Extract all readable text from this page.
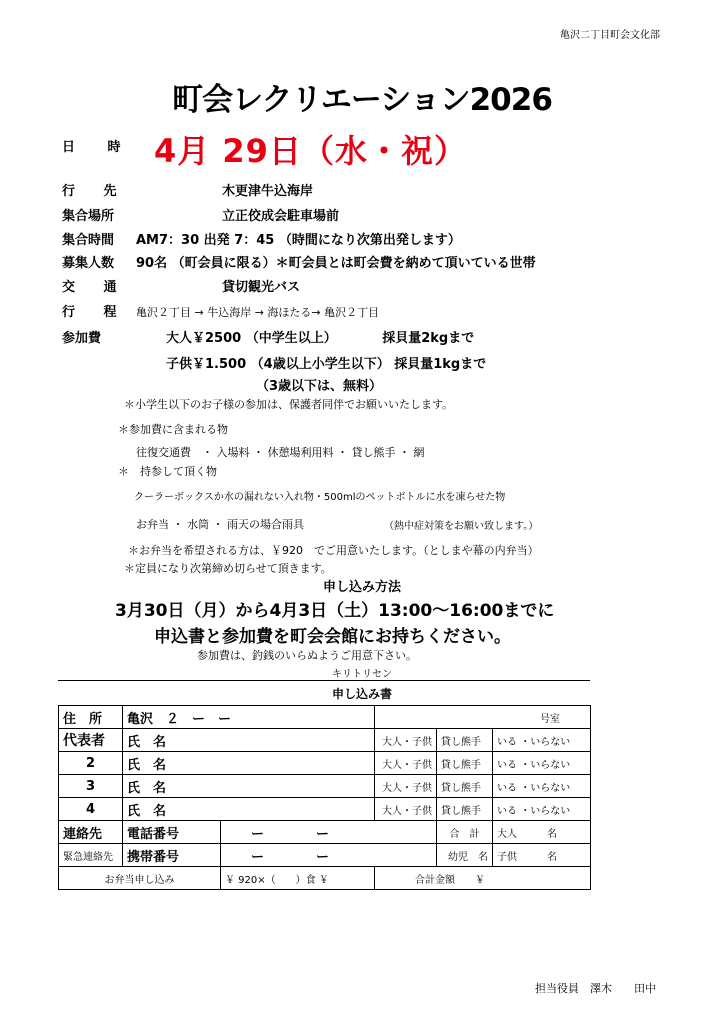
亀沢二丁目町会文化部
町会レクリエーション2026
日 時 4月 29日（水・祝）
行 先	木更津牛込海岸
集合場所	立正佼成会駐車場前
集合時間 AM7：30 出発 7：45 （時間になり次第出発します）
募集人数 90名 （町会員に限る）＊町会員とは町会費を納めて頂いている世帯
交 通	貸切観光バス
行 程 亀沢２丁目 → 牛込海岸 → 海ほたる→ 亀沢２丁目
参加費	大人￥2500 （中学生以上）　　　　採貝量2kgまで
子供￥1.500 （4歳以上小学生以下） 採貝量1kgまで
（3歳以下は、無料）
＊小学生以下のお子様の参加は、保護者同伴でお願いいたします。
＊参加費に含まれる物
往復交通費　・ 入場料 ・ 休憩場利用料 ・ 貸し熊手 ・ 網
＊　持参して頂く物
クーラーボックスか水の漏れない入れ物・500mlのペットボトルに水を凍らせた物
お弁当 ・ 水筒 ・ 雨天の場合雨具	（熱中症対策をお願い致します。）
＊お弁当を希望される方は、￥920　でご用意いたします。（としまや幕の内弁当）
＊定員になり次第締め切らせて頂きます。
申し込み方法
3月30日（月）から4月3日（土）13:00～16:00までに
申込書と参加費を町会会館にお持ちください。
参加費は、釣銭のいらぬようご用意下さい。
キリトリセン
申し込み書
住　所	亀沢　２　ー　ー		号室		
代表者	氏　名		大人・子供	貸し熊手	いる ・いらない
2	氏　名		大人・子供	貸し熊手	いる ・いらない
3	氏　名		大人・子供	貸し熊手	いる ・いらない
4	氏　名		大人・子供	貸し熊手	いる ・いらない
連絡先	電話番号	ー　　　　ー		合　計	大人　　　名
緊急連絡先	携帯番号	ー　　　　ー		幼児　名	子供　　　名
お弁当申し込み		￥ 920×（　　）食 ￥	合計金額　　￥		
担当役員　澤木　　田中
